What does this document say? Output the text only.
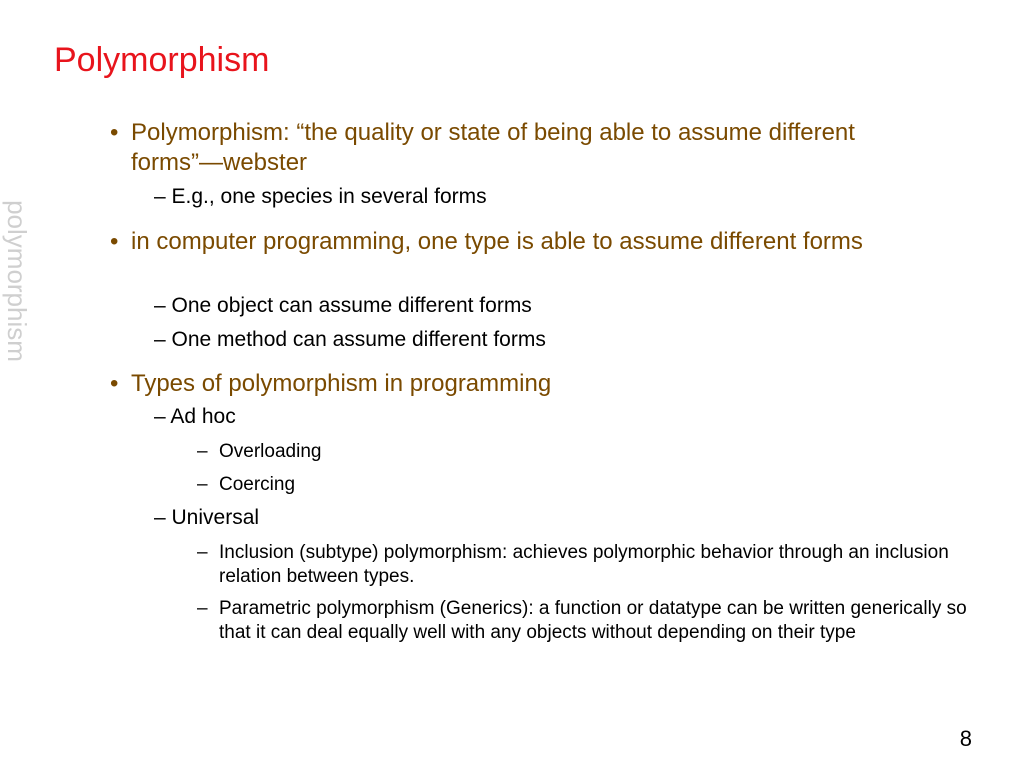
Polymorphism
polymorphism
• Polymorphism: “the quality or state of being able to assume different forms”—webster
– E.g., one species in several forms
• in computer programming, one type is able to assume different forms
– One object can assume different forms
– One method can assume different forms
• Types of polymorphism in programming
– Ad hoc
– Overloading
– Coercing
– Universal
– Inclusion (subtype) polymorphism: achieves polymorphic behavior through an inclusion relation between types.
– Parametric polymorphism (Generics): a function or datatype can be written generically so that it can deal equally well with any objects without depending on their type
8
